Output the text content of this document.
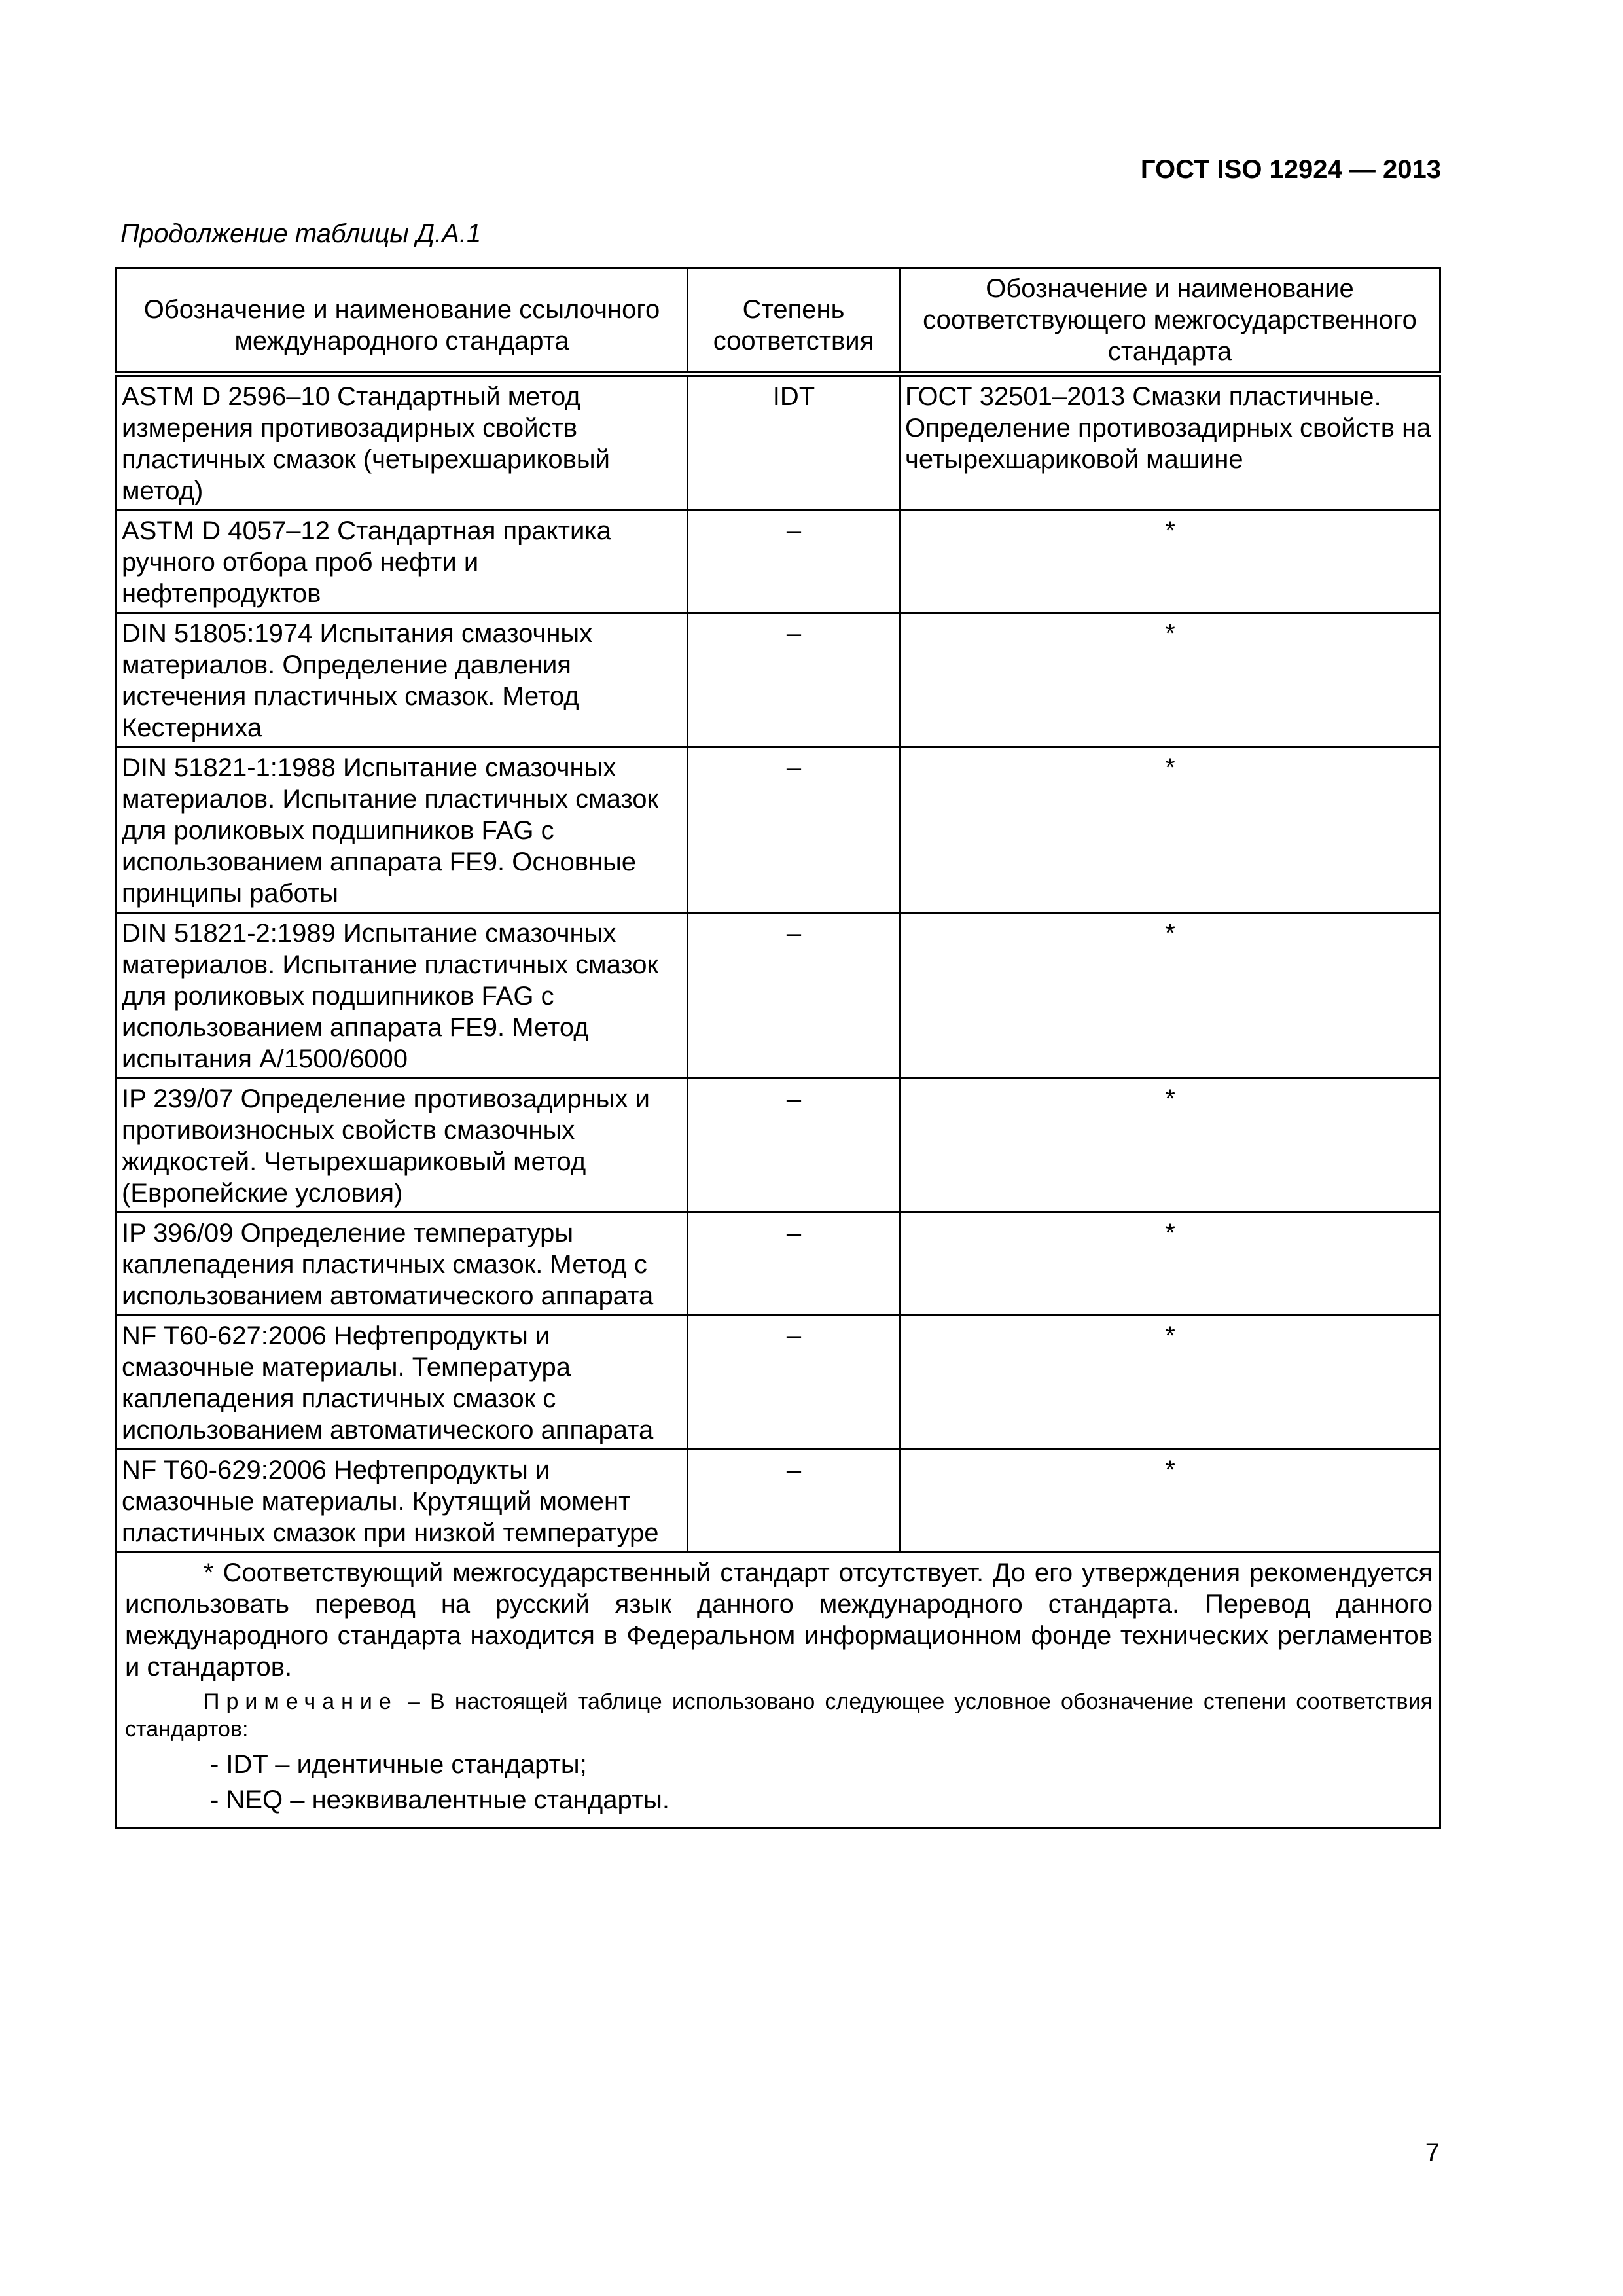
ГОСТ ISO 12924 — 2013
Продолжение таблицы Д.А.1
Обозначение и наименование ссылочного международного стандарта	Степень соответствия	Обозначение и наименование соответствующего межгосударственного стандарта
ASTM D 2596–10 Стандартный метод измерения противозадирных свойств пластичных смазок (четырехшариковый метод)	IDT	ГОСТ 32501–2013 Смазки пластичные. Определение противозадирных свойств на четырехшариковой машине
ASTM D 4057–12 Стандартная практика ручного отбора проб нефти и нефтепродуктов	–	*
DIN 51805:1974 Испытания смазочных материалов. Определение давления истечения пластичных смазок. Метод Кестерниха	–	*
DIN 51821-1:1988 Испытание смазочных материалов. Испытание пластичных смазок для роликовых подшипников FAG с использованием аппарата FE9. Основные принципы работы	–	*
DIN 51821-2:1989 Испытание смазочных материалов. Испытание пластичных смазок для роликовых подшипников FAG с использованием аппарата FE9. Метод испытания А/1500/6000	–	*
IP 239/07 Определение противозадирных и противоизносных свойств смазочных жидкостей. Четырехшариковый метод (Европейские условия)	–	*
IP 396/09 Определение температуры каплепадения пластичных смазок. Метод с использованием автоматического аппарата	–	*
NF T60-627:2006 Нефтепродукты и смазочные материалы. Температура каплепадения пластичных смазок с использованием автоматического аппарата	–	*
NF T60-629:2006 Нефтепродукты и смазочные материалы. Крутящий момент пластичных смазок при низкой температуре	–	*

* Соответствующий межгосударственный стандарт отсутствует. До его утверждения рекомендуется использовать перевод на русский язык данного международного стандарта. Перевод данного международного стандарта находится в Федеральном информационном фонде технических регламентов и стандартов.

Примечание – В настоящей таблице использовано следующее условное обозначение степени соответствия стандартов:

- IDT – идентичные стандарты;

- NEQ – неэквивалентные стандарты.		

7
